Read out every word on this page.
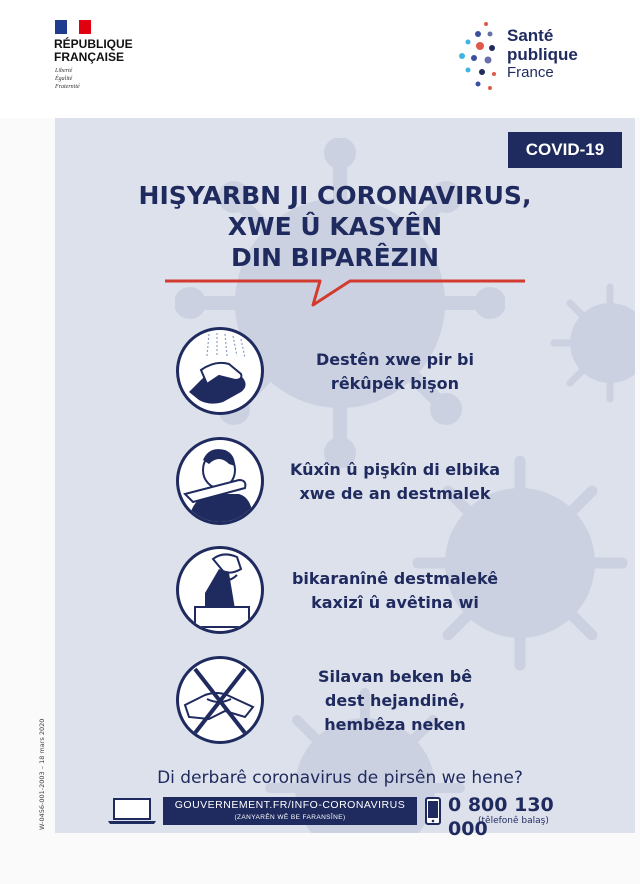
RÉPUBLIQUE
FRANÇAISE
Liberté
Égalité
Fraternité
Santé
publique
France
COVID-19
HIŞYARBN JI CORONAVIRUS,
XWE Û KASYÊN
DIN BIPARÊZIN
Destên xwe pir bi
rêkûpêk bişon
Kûxîn û pişkîn di elbika
xwe de an destmalek
bikaranînê destmalekê
kaxizî û avêtina wi
Silavan beken bê
dest hejandinê,
hembêza neken
Di derbarê coronavirus de pirsên we hene?
GOUVERNEMENT.FR/INFO-CORONAVIRUS
(ZANYARÊN WÊ BE FARANSÎNE)
0 800 130 000
(têlefonê balaş)
W-0456-001-2003 – 18 mars 2020
